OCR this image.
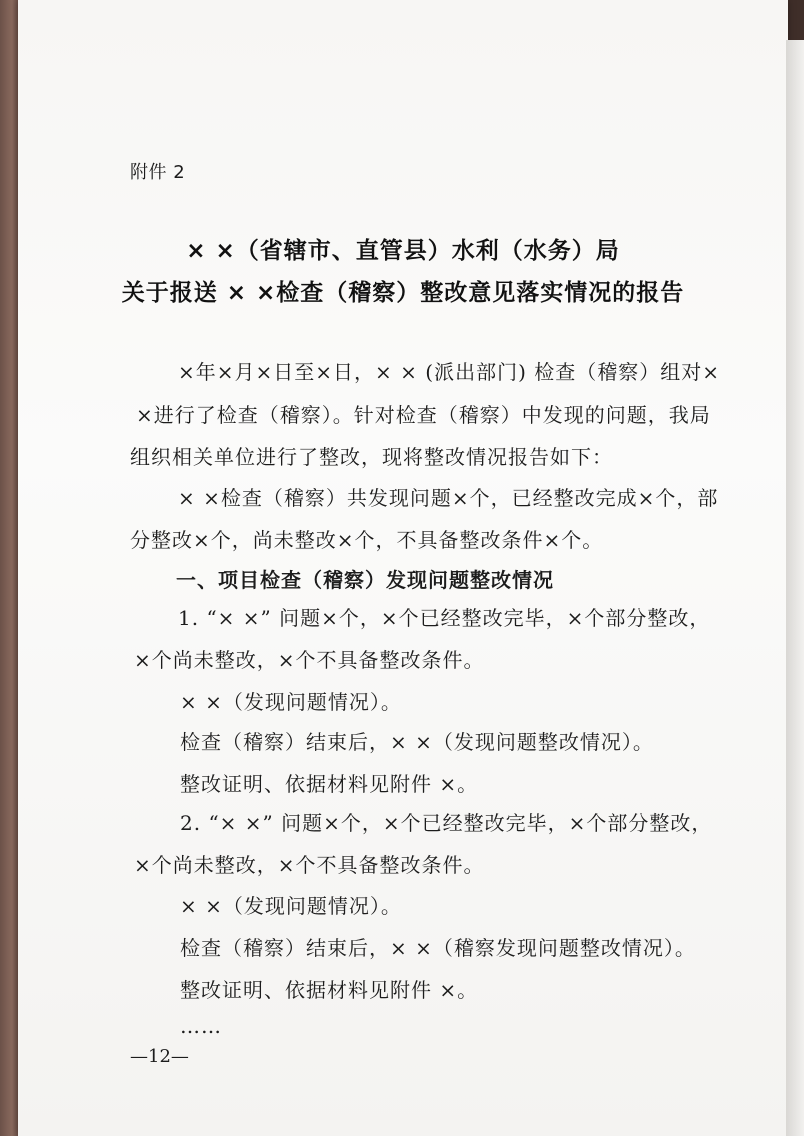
附件 2
× ×（省辖市、直管县）水利（水务）局
关于报送 × ×检查（稽察）整改意见落实情况的报告
×年×月×日至×日，× × (派出部门) 检查（稽察）组对×
×进行了检查（稽察）。针对检查（稽察）中发现的问题，我局
组织相关单位进行了整改，现将整改情况报告如下：
× ×检查（稽察）共发现问题×个，已经整改完成×个，部
分整改×个，尚未整改×个，不具备整改条件×个。
一、项目检查（稽察）发现问题整改情况
1. “× ×” 问题×个，×个已经整改完毕，×个部分整改，
×个尚未整改，×个不具备整改条件。
× ×（发现问题情况）。
检查（稽察）结束后，× ×（发现问题整改情况）。
整改证明、依据材料见附件 ×。
2. “× ×” 问题×个，×个已经整改完毕，×个部分整改，
×个尚未整改，×个不具备整改条件。
× ×（发现问题情况）。
检查（稽察）结束后，× ×（稽察发现问题整改情况）。
整改证明、依据材料见附件 ×。
……
—12—
